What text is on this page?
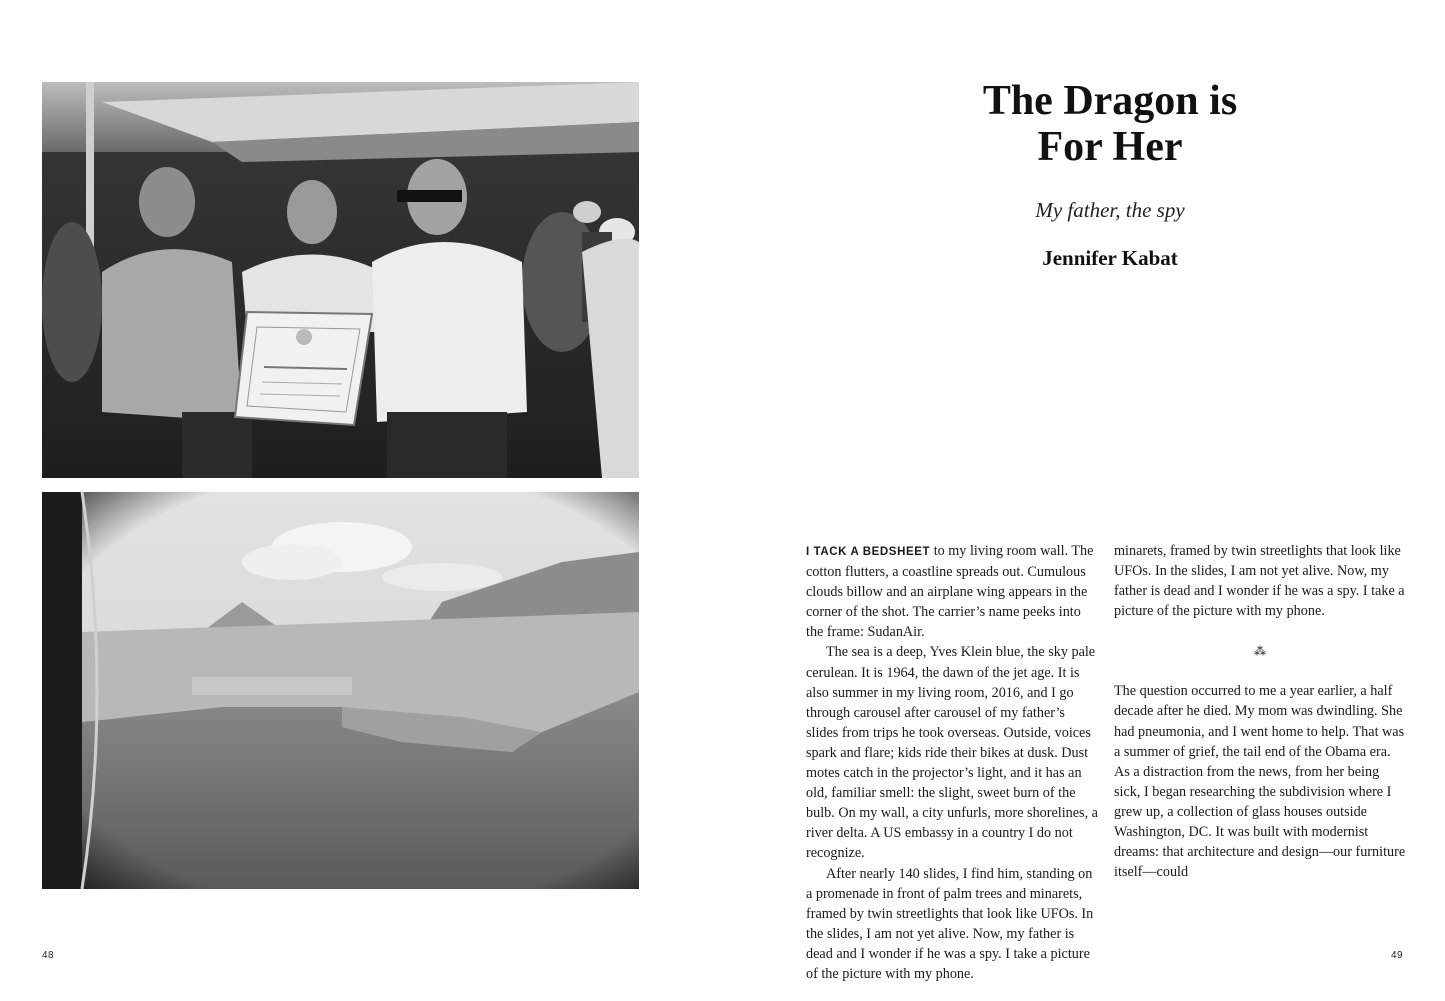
The Dragon is
For Her
My father, the spy
Jennifer Kabat

I TACK A BEDSHEET to my living room wall. The cotton flutters, a coastline spreads out. Cumulous clouds billow and an airplane wing appears in the corner of the shot. The carrier’s name peeks into the frame: SudanAir.

The sea is a deep, Yves Klein blue, the sky pale cerulean. It is 1964, the dawn of the jet age. It is also summer in my living room, 2016, and I go through carousel after carousel of my father’s slides from trips he took overseas. Outside, voices spark and flare; kids ride their bikes at dusk. Dust motes catch in the projector’s light, and it has an old, familiar smell: the slight, sweet burn of the bulb. On my wall, a city unfurls, more shorelines, a river delta. A US embassy in a country I do not recognize.

After nearly 140 slides, I find him, standing on a promenade in front of palm trees and minarets, framed by twin streetlights that look like UFOs. In the slides, I am not yet alive. Now, my father is dead and I wonder if he was a spy. I take a picture of the picture with my phone.

minarets, framed by twin streetlights that look like UFOs. In the slides, I am not yet alive. Now, my father is dead and I wonder if he was a spy. I take a picture of the picture with my phone.

⁂

The question occurred to me a year earlier, a half decade after he died. My mom was dwindling. She had pneumonia, and I went home to help. That was a summer of grief, the tail end of the Obama era. As a distraction from the news, from her being sick, I began researching the subdivision where I grew up, a collection of glass houses outside Washington, DC. It was built with modernist dreams: that architecture and design—our furniture itself—could

48	49
